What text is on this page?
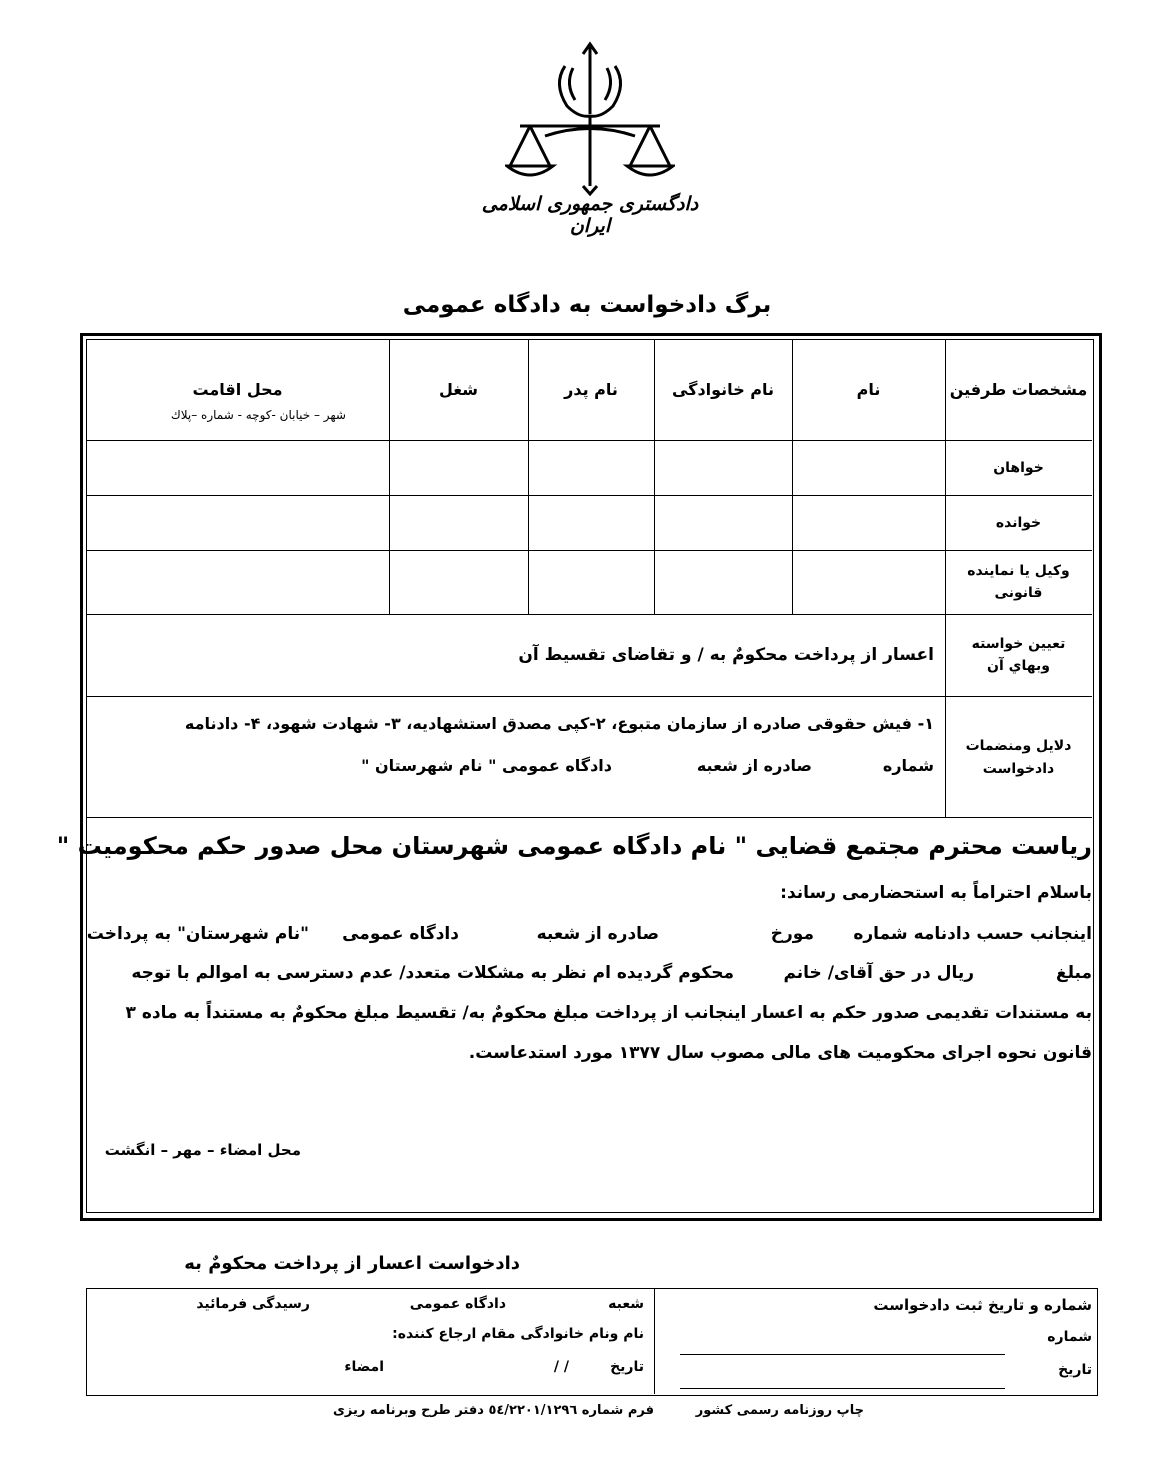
دادگستری جمهوری اسلامی ایران
برگ دادخواست به دادگاه عمومی
مشخصات طرفین
نام
نام خانوادگی
نام پدر
شغل
محل اقامت
شهر – خیابان -کوچه - شماره –پلاك
خواهان
خوانده
وكيل يا نماينده
قانونی
تعيين خواسته
وبهاي آن
اعسار از پرداخت محكومٌ به / و تقاضای تقسیط آن
دلایل ومنضمات
دادخواست
١- فیش حقوقی صادره از سازمان متبوع، ٢-كپی مصدق استشهادیه، ٣- شهادت شهود، ۴- دادنامه
شماره
صادره از شعبه
دادگاه عمومی " نام شهرستان "
ریاست محترم مجتمع قضایی " نام دادگاه عمومی شهرستان محل صدور حكم محكومیت "
باسلام احتراماً به استحضارمی رساند:
اینجانب حسب دادنامه شماره
مورخ
صادره از شعبه
دادگاه عمومی
"نام شهرستان" به پرداخت
مبلغ
ریال در حق آقای/ خانم
محكوم گردیده ام نظر به مشكلات متعدد/ عدم دسترسی به اموالم با توجه
به مستندات تقدیمی صدور حكم به اعسار اینجانب از پرداخت مبلغ محكومٌ به/ تقسیط مبلغ محكومٌ به مستنداً به ماده ٣
قانون نحوه اجرای محكومیت های مالی مصوب سال ١٣٧٧ مورد استدعاست.
محل امضاء – مهر – انگشت
دادخواست اعسار از پرداخت محكومٌ به
شعبه
دادگاه عمومی
رسیدگی فرمائید
نام ونام خانوادگی مقام ارجاع كننده:
تاریخ
/ /
امضاء
شماره و تاريخ ثبت دادخواست
شماره
تاریخ
چاپ روزنامه رسمی كشور
فرم شماره ٥٤/٢٢٠١/١٢٩٦ دفتر طرح وبرنامه ریزی
